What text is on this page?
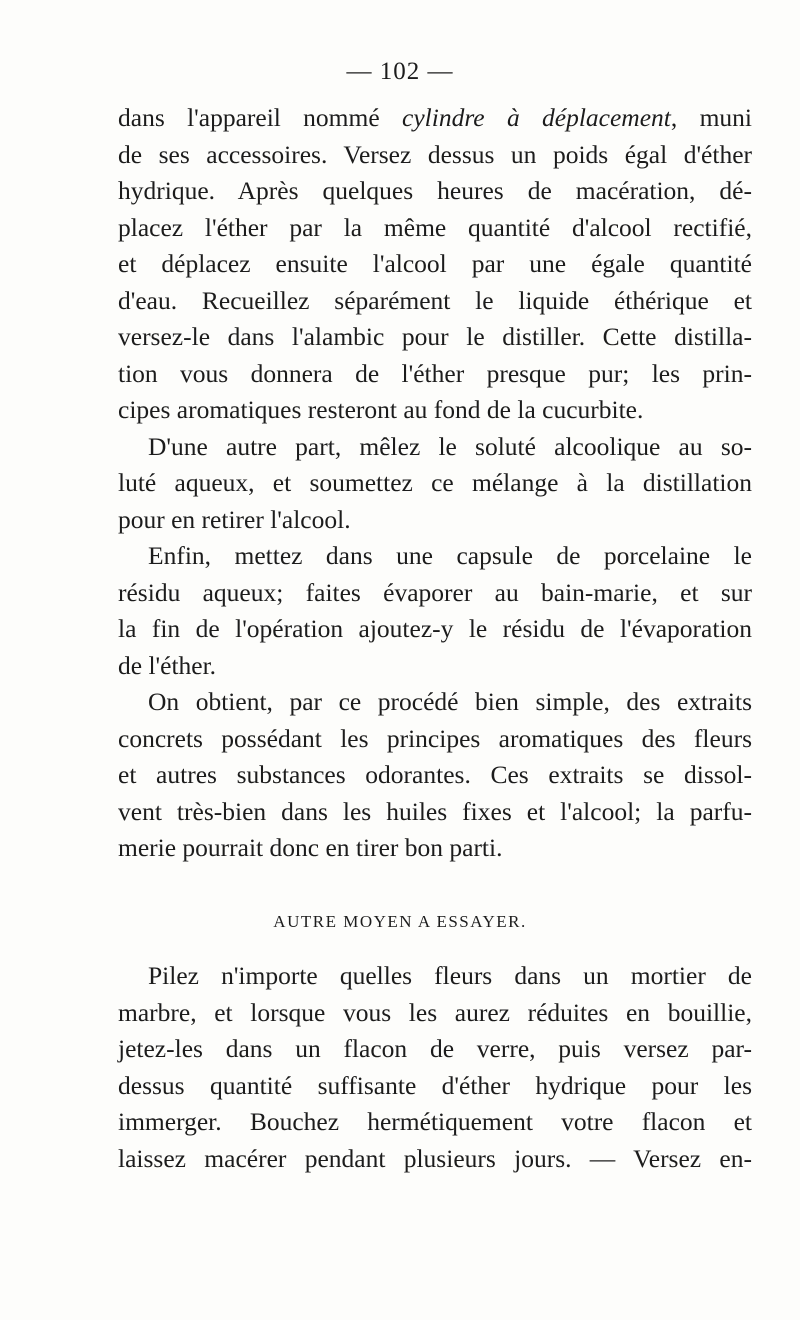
— 102 —
dans l'appareil nommé cylindre à déplacement, muni
de ses accessoires. Versez dessus un poids égal d'éther
hydrique. Après quelques heures de macération, dé-
placez l'éther par la même quantité d'alcool rectifié,
et déplacez ensuite l'alcool par une égale quantité
d'eau. Recueillez séparément le liquide éthérique et
versez-le dans l'alambic pour le distiller. Cette distilla-
tion vous donnera de l'éther presque pur; les prin-
cipes aromatiques resteront au fond de la cucurbite.
D'une autre part, mêlez le soluté alcoolique au so-
luté aqueux, et soumettez ce mélange à la distillation
pour en retirer l'alcool.
Enfin, mettez dans une capsule de porcelaine le
résidu aqueux; faites évaporer au bain-marie, et sur
la fin de l'opération ajoutez-y le résidu de l'évaporation
de l'éther.
On obtient, par ce procédé bien simple, des extraits
concrets possédant les principes aromatiques des fleurs
et autres substances odorantes. Ces extraits se dissol-
vent très-bien dans les huiles fixes et l'alcool; la parfu-
merie pourrait donc en tirer bon parti.
AUTRE MOYEN A ESSAYER.
Pilez n'importe quelles fleurs dans un mortier de
marbre, et lorsque vous les aurez réduites en bouillie,
jetez-les dans un flacon de verre, puis versez par-
dessus quantité suffisante d'éther hydrique pour les
immerger. Bouchez hermétiquement votre flacon et
laissez macérer pendant plusieurs jours. — Versez en-
